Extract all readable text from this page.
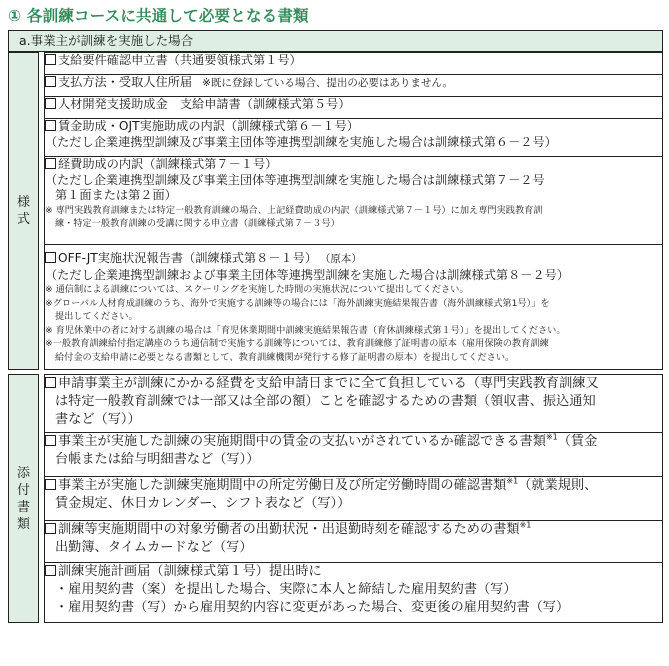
① 各訓練コースに共通して必要となる書類
a.事業主が訓練を実施した場合
様式		
支給要件確認申立書（共通要領様式第１号）

支払方法・受取人住所届 ※既に登録している場合、提出の必要はありません。

人材開発支援助成金　支給申請書（訓練様式第５号）

賃金助成・OJT実施助成の内訳（訓練様式第６－１号）
（ただし企業連携型訓練及び事業主団体等連携型訓練を実施した場合は訓練様式第６－２号）

経費助成の内訳（訓練様式第７－１号）
（ただし企業連携型訓練及び事業主団体等連携型訓練を実施した場合は訓練様式第７－２号
第１面または第２面）
※ 専門実践教育訓練または特定一般教育訓練の場合、上記経費助成の内訳（訓練様式第７－１号）に加え専門実践教育訓
練・特定一般教育訓練の受講に関する申立書（訓練様式第７－３号）

OFF-JT実施状況報告書（訓練様式第８－１号） （原本）
（ただし企業連携型訓練および事業主団体等連携型訓練を実施した場合は訓練様式第８－２号）
※ 通信制による訓練については、スクーリングを実施した時間の実施状況について提出してください。
※グローバル人材育成訓練のうち、海外で実施する訓練等の場合には「海外訓練実施結果報告書（海外訓練様式第1号）」を
提出してください。
※ 育児休業中の者に対する訓練の場合は「育児休業期間中訓練実施結果報告書（育休訓練様式第１号）」を提出してください。
※一般教育訓練給付指定講座のうち通信制で実施する訓練等については、教育訓練修了証明書の原本（雇用保険の教育訓練
給付金の支給申請に必要となる書類として、教育訓練機関が発行する修了証明書の原本）を提出してください。
添付書類		
申請事業主が訓練にかかる経費を支給申請日までに全て負担している（専門実践教育訓練又
は特定一般教育訓練では一部又は全部の額）ことを確認するための書類（領収書、振込通知
書など（写））

事業主が実施した訓練の実施期間中の賃金の支払いがされているか確認できる書類$^{※1}$（賃金
台帳または給与明細書など（写））

事業主が実施した訓練実施期間中の所定労働日及び所定労働時間の確認書類$^{※1}$（就業規則、
賃金規定、休日カレンダー、シフト表など（写））

訓練等実施期間中の対象労働者の出勤状況・出退勤時刻を確認するための書類$^{※1}$
出勤簿、タイムカードなど（写）

訓練実施計画届（訓練様式第１号）提出時に
・雇用契約書（案）を提出した場合、実際に本人と締結した雇用契約書（写）
・雇用契約書（写）から雇用契約内容に変更があった場合、変更後の雇用契約書（写）
